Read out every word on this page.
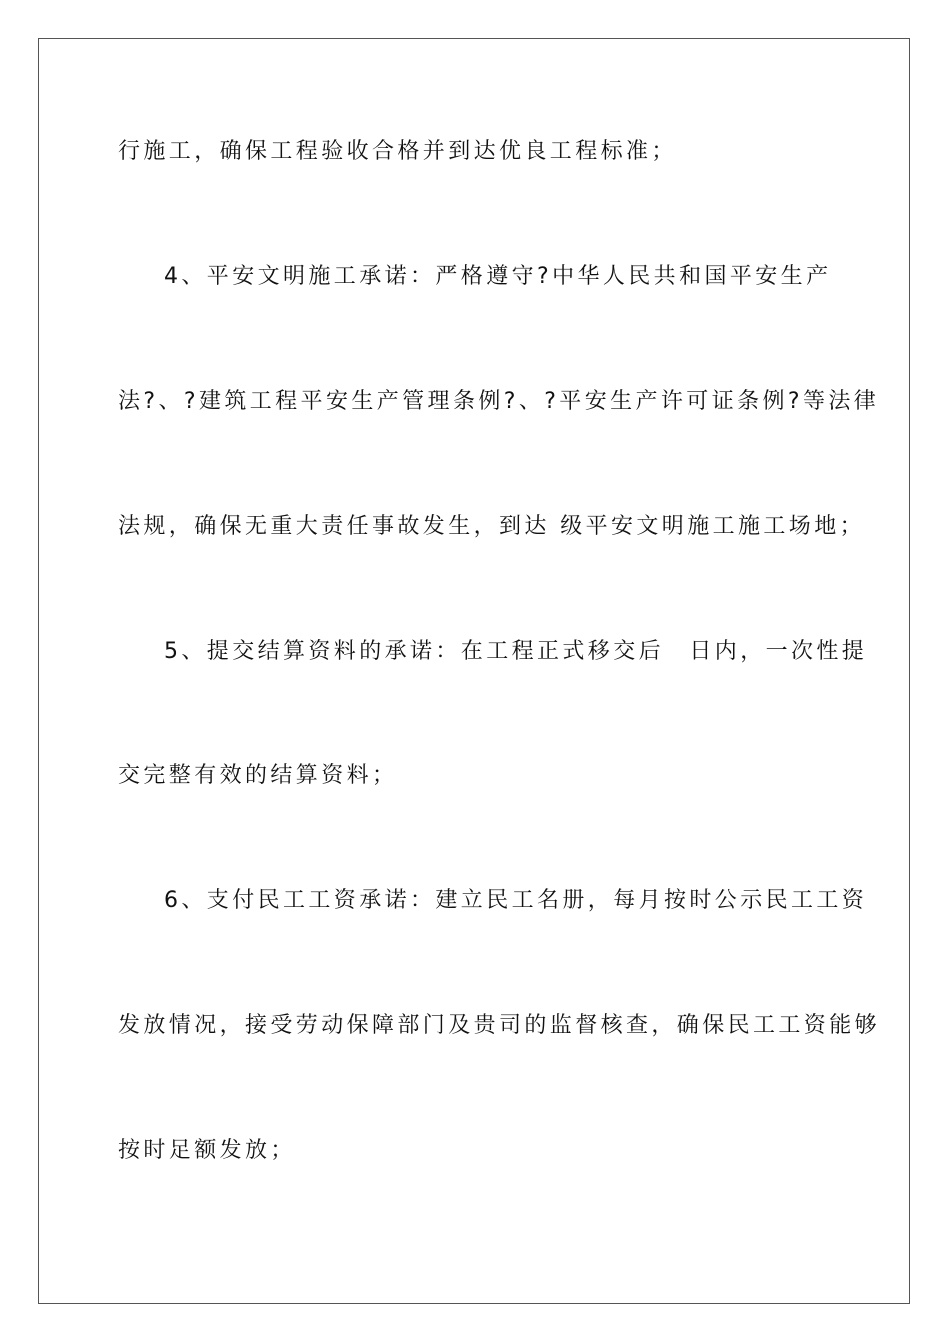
行施工，确保工程验收合格并到达优良工程标准；
4、平安文明施工承诺：严格遵守?中华人民共和国平安生产
法?、?建筑工程平安生产管理条例?、?平安生产许可证条例?等法律
法规，确保无重大责任事故发生，到达 级平安文明施工施工场地；
5、提交结算资料的承诺：在工程正式移交后　日内，一次性提
交完整有效的结算资料；
6、支付民工工资承诺：建立民工名册，每月按时公示民工工资
发放情况，接受劳动保障部门及贵司的监督核查，确保民工工资能够
按时足额发放；
